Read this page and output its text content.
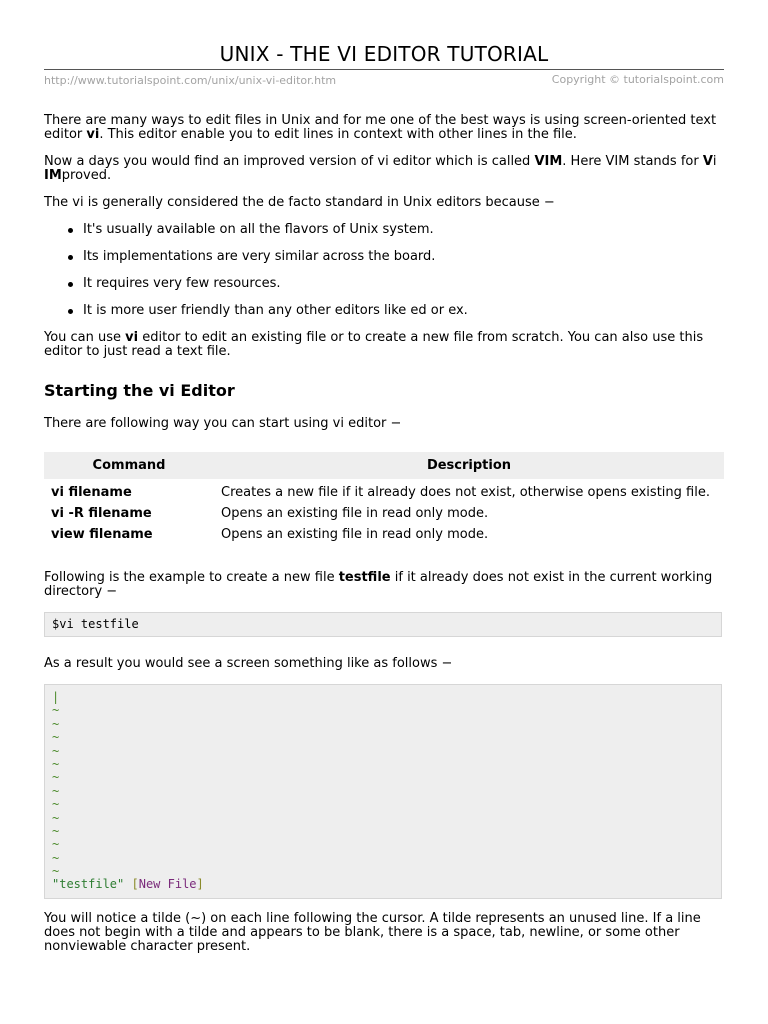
UNIX - THE VI EDITOR TUTORIAL
http://www.tutorialspoint.com/unix/unix-vi-editor.htm	Copyright © tutorialspoint.com

There are many ways to edit files in Unix and for me one of the best ways is using screen-oriented text editor vi. This editor enable you to edit lines in context with other lines in the file.

Now a days you would find an improved version of vi editor which is called VIM. Here VIM stands for Vi IMproved.

The vi is generally considered the de facto standard in Unix editors because −

It's usually available on all the flavors of Unix system.
Its implementations are very similar across the board.
It requires very few resources.
It is more user friendly than any other editors like ed or ex.

You can use vi editor to edit an existing file or to create a new file from scratch. You can also use this editor to just read a text file.

Starting the vi Editor

There are following way you can start using vi editor −

Command	Description
vi filename	Creates a new file if it already does not exist, otherwise opens existing file.
vi -R filename	Opens an existing file in read only mode.
view filename	Opens an existing file in read only mode.

Following is the example to create a new file testfile if it already does not exist in the current working directory −

$vi testfile

As a result you would see a screen something like as follows −

|
~
~
~
~
~
~
~
~
~
~
~
~
~
"testfile" [New File]

You will notice a tilde (~) on each line following the cursor. A tilde represents an unused line. If a line does not begin with a tilde and appears to be blank, there is a space, tab, newline, or some other nonviewable character present.
